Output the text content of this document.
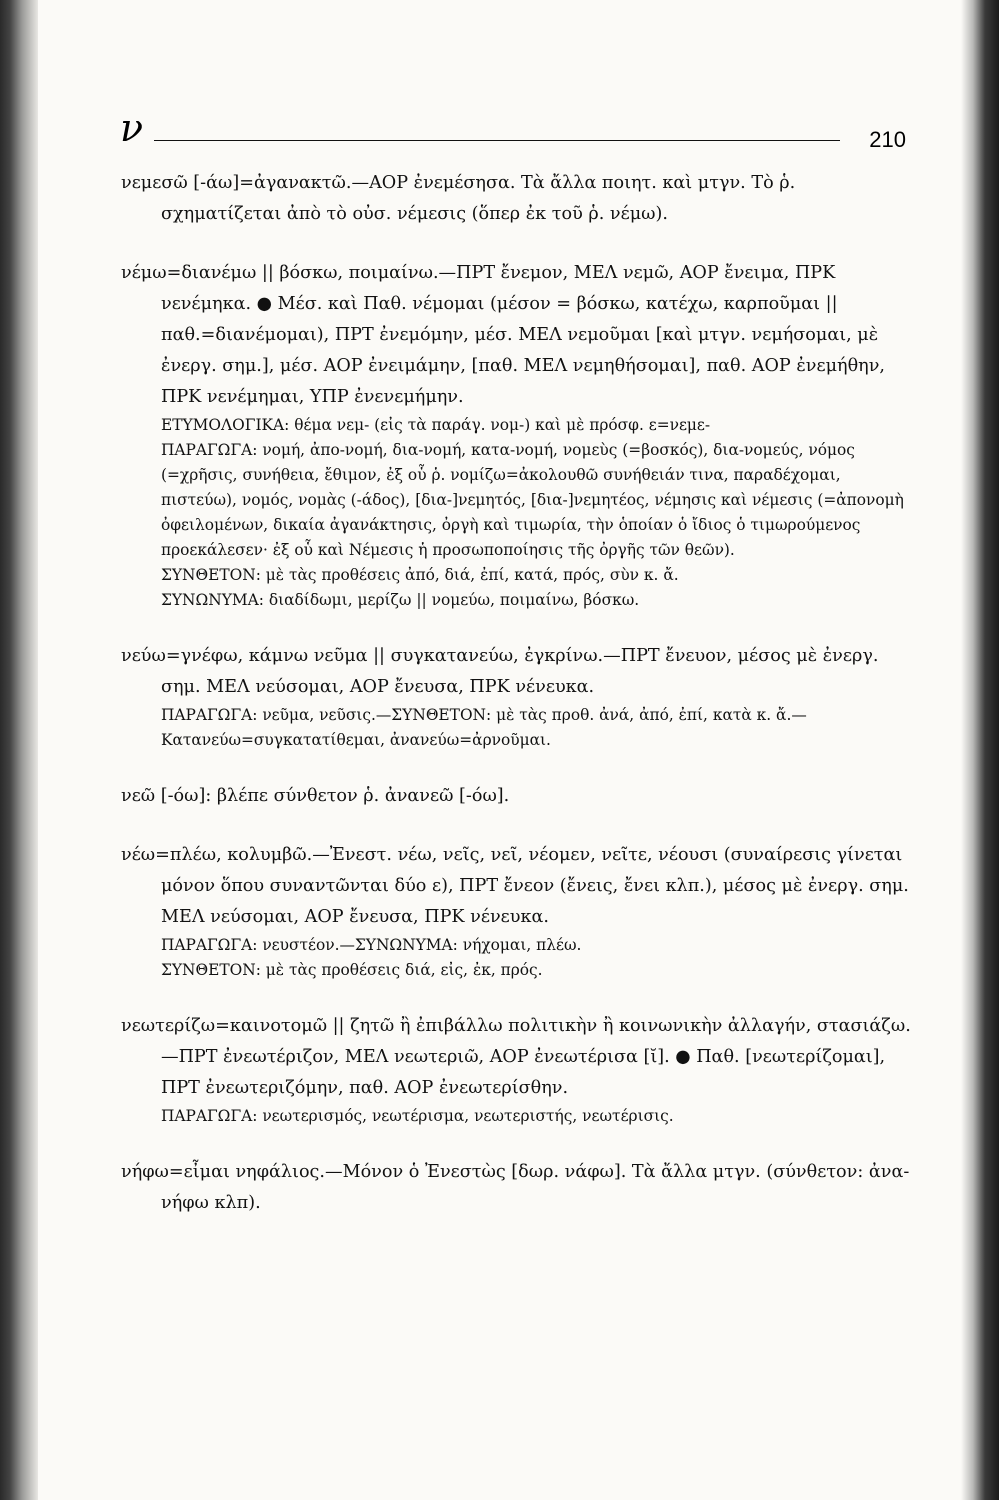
ν	210

νεμεσῶ [-άω]=ἀγανακτῶ.—ΑΟΡ ἐνεμέσησα. Τὰ ἄλλα ποιητ. καὶ μτγν. Τὸ ῥ. σχηματίζεται ἀπὸ τὸ οὐσ. νέμεσις (ὅπερ ἐκ τοῦ ῥ. νέμω).

νέμω=διανέμω || βόσκω, ποιμαίνω.—ΠΡΤ ἔνεμον, ΜΕΛ νεμῶ, ΑΟΡ ἔνειμα, ΠΡΚ νενέμηκα. ● Μέσ. καὶ Παθ. νέμομαι (μέσον = βόσκω, κατέχω, καρποῦμαι || παθ.=διανέμομαι), ΠΡΤ ἐνεμόμην, μέσ. ΜΕΛ νεμοῦμαι [καὶ μτγν. νεμήσομαι, μὲ ἐνεργ. σημ.], μέσ. ΑΟΡ ἐνειμάμην, [παθ. ΜΕΛ νεμηθήσομαι], παθ. ΑΟΡ ἐνεμήθην, ΠΡΚ νενέμημαι, ΥΠΡ ἐνενεμήμην.

ΕΤΥΜΟΛΟΓΙΚΑ: θέμα νεμ- (εἰς τὰ παράγ. νομ-) καὶ μὲ πρόσφ. ε=νεμε-

ΠΑΡΑΓΩΓΑ: νομή, ἀπο-νομή, δια-νομή, κατα-νομή, νομεὺς (=βοσκός), δια-νομεύς, νόμος (=χρῆσις, συνήθεια, ἔθιμον, ἐξ οὗ ῥ. νομίζω=ἀκολουθῶ συνήθειάν τινα, παραδέχομαι, πιστεύω), νομός, νομὰς (-άδος), [δια-]νεμητός, [δια-]νεμητέος, νέμησις καὶ νέμεσις (=ἀπονομὴ ὀφειλομένων, δικαία ἀγανάκτησις, ὀργὴ καὶ τιμωρία, τὴν ὁποίαν ὁ ἴδιος ὁ τιμωρούμενος προεκάλεσεν· ἐξ οὗ καὶ Νέμεσις ἡ προσωποποίησις τῆς ὀργῆς τῶν θεῶν).

ΣΥΝΘΕΤΟΝ: μὲ τὰς προθέσεις ἀπό, διά, ἐπί, κατά, πρός, σὺν κ. ἄ.

ΣΥΝΩΝΥΜΑ: διαδίδωμι, μερίζω || νομεύω, ποιμαίνω, βόσκω.

νεύω=γνέφω, κάμνω νεῦμα || συγκατανεύω, ἐγκρίνω.—ΠΡΤ ἔνευον, μέσος μὲ ἐνεργ. σημ. ΜΕΛ νεύσομαι, ΑΟΡ ἔνευσα, ΠΡΚ νένευκα.

ΠΑΡΑΓΩΓΑ: νεῦμα, νεῦσις.—ΣΥΝΘΕΤΟΝ: μὲ τὰς προθ. ἀνά, ἀπό, ἐπί, κατὰ κ. ἄ.—Κατανεύω=συγκατατίθεμαι, ἀνανεύω=ἀρνοῦμαι.

νεῶ [-όω]: βλέπε σύνθετον ῥ. ἀνανεῶ [-όω].

νέω=πλέω, κολυμβῶ.—Ἐνεστ. νέω, νεῖς, νεῖ, νέομεν, νεῖτε, νέουσι (συναίρεσις γίνεται μόνον ὅπου συναντῶνται δύο ε), ΠΡΤ ἔνεον (ἔνεις, ἔνει κλπ.), μέσος μὲ ἐνεργ. σημ. ΜΕΛ νεύσομαι, ΑΟΡ ἔνευσα, ΠΡΚ νένευκα.

ΠΑΡΑΓΩΓΑ: νευστέον.—ΣΥΝΩΝΥΜΑ: νήχομαι, πλέω.

ΣΥΝΘΕΤΟΝ: μὲ τὰς προθέσεις διά, εἰς, ἐκ, πρός.

νεωτερίζω=καινοτομῶ || ζητῶ ἢ ἐπιβάλλω πολιτικὴν ἢ κοινωνικὴν ἀλλαγήν, στασιάζω.—ΠΡΤ ἐνεωτέριζον, ΜΕΛ νεωτεριῶ, ΑΟΡ ἐνεωτέρισα [ῐ]. ● Παθ. [νεωτερίζομαι], ΠΡΤ ἐνεωτεριζόμην, παθ. ΑΟΡ ἐνεωτερίσθην.

ΠΑΡΑΓΩΓΑ: νεωτερισμός, νεωτέρισμα, νεωτεριστής, νεωτέρισις.

νήφω=εἶμαι νηφάλιος.—Μόνον ὁ Ἐνεστὼς [δωρ. νάφω]. Τὰ ἄλλα μτγν. (σύνθετον: ἀνα-νήφω κλπ).
